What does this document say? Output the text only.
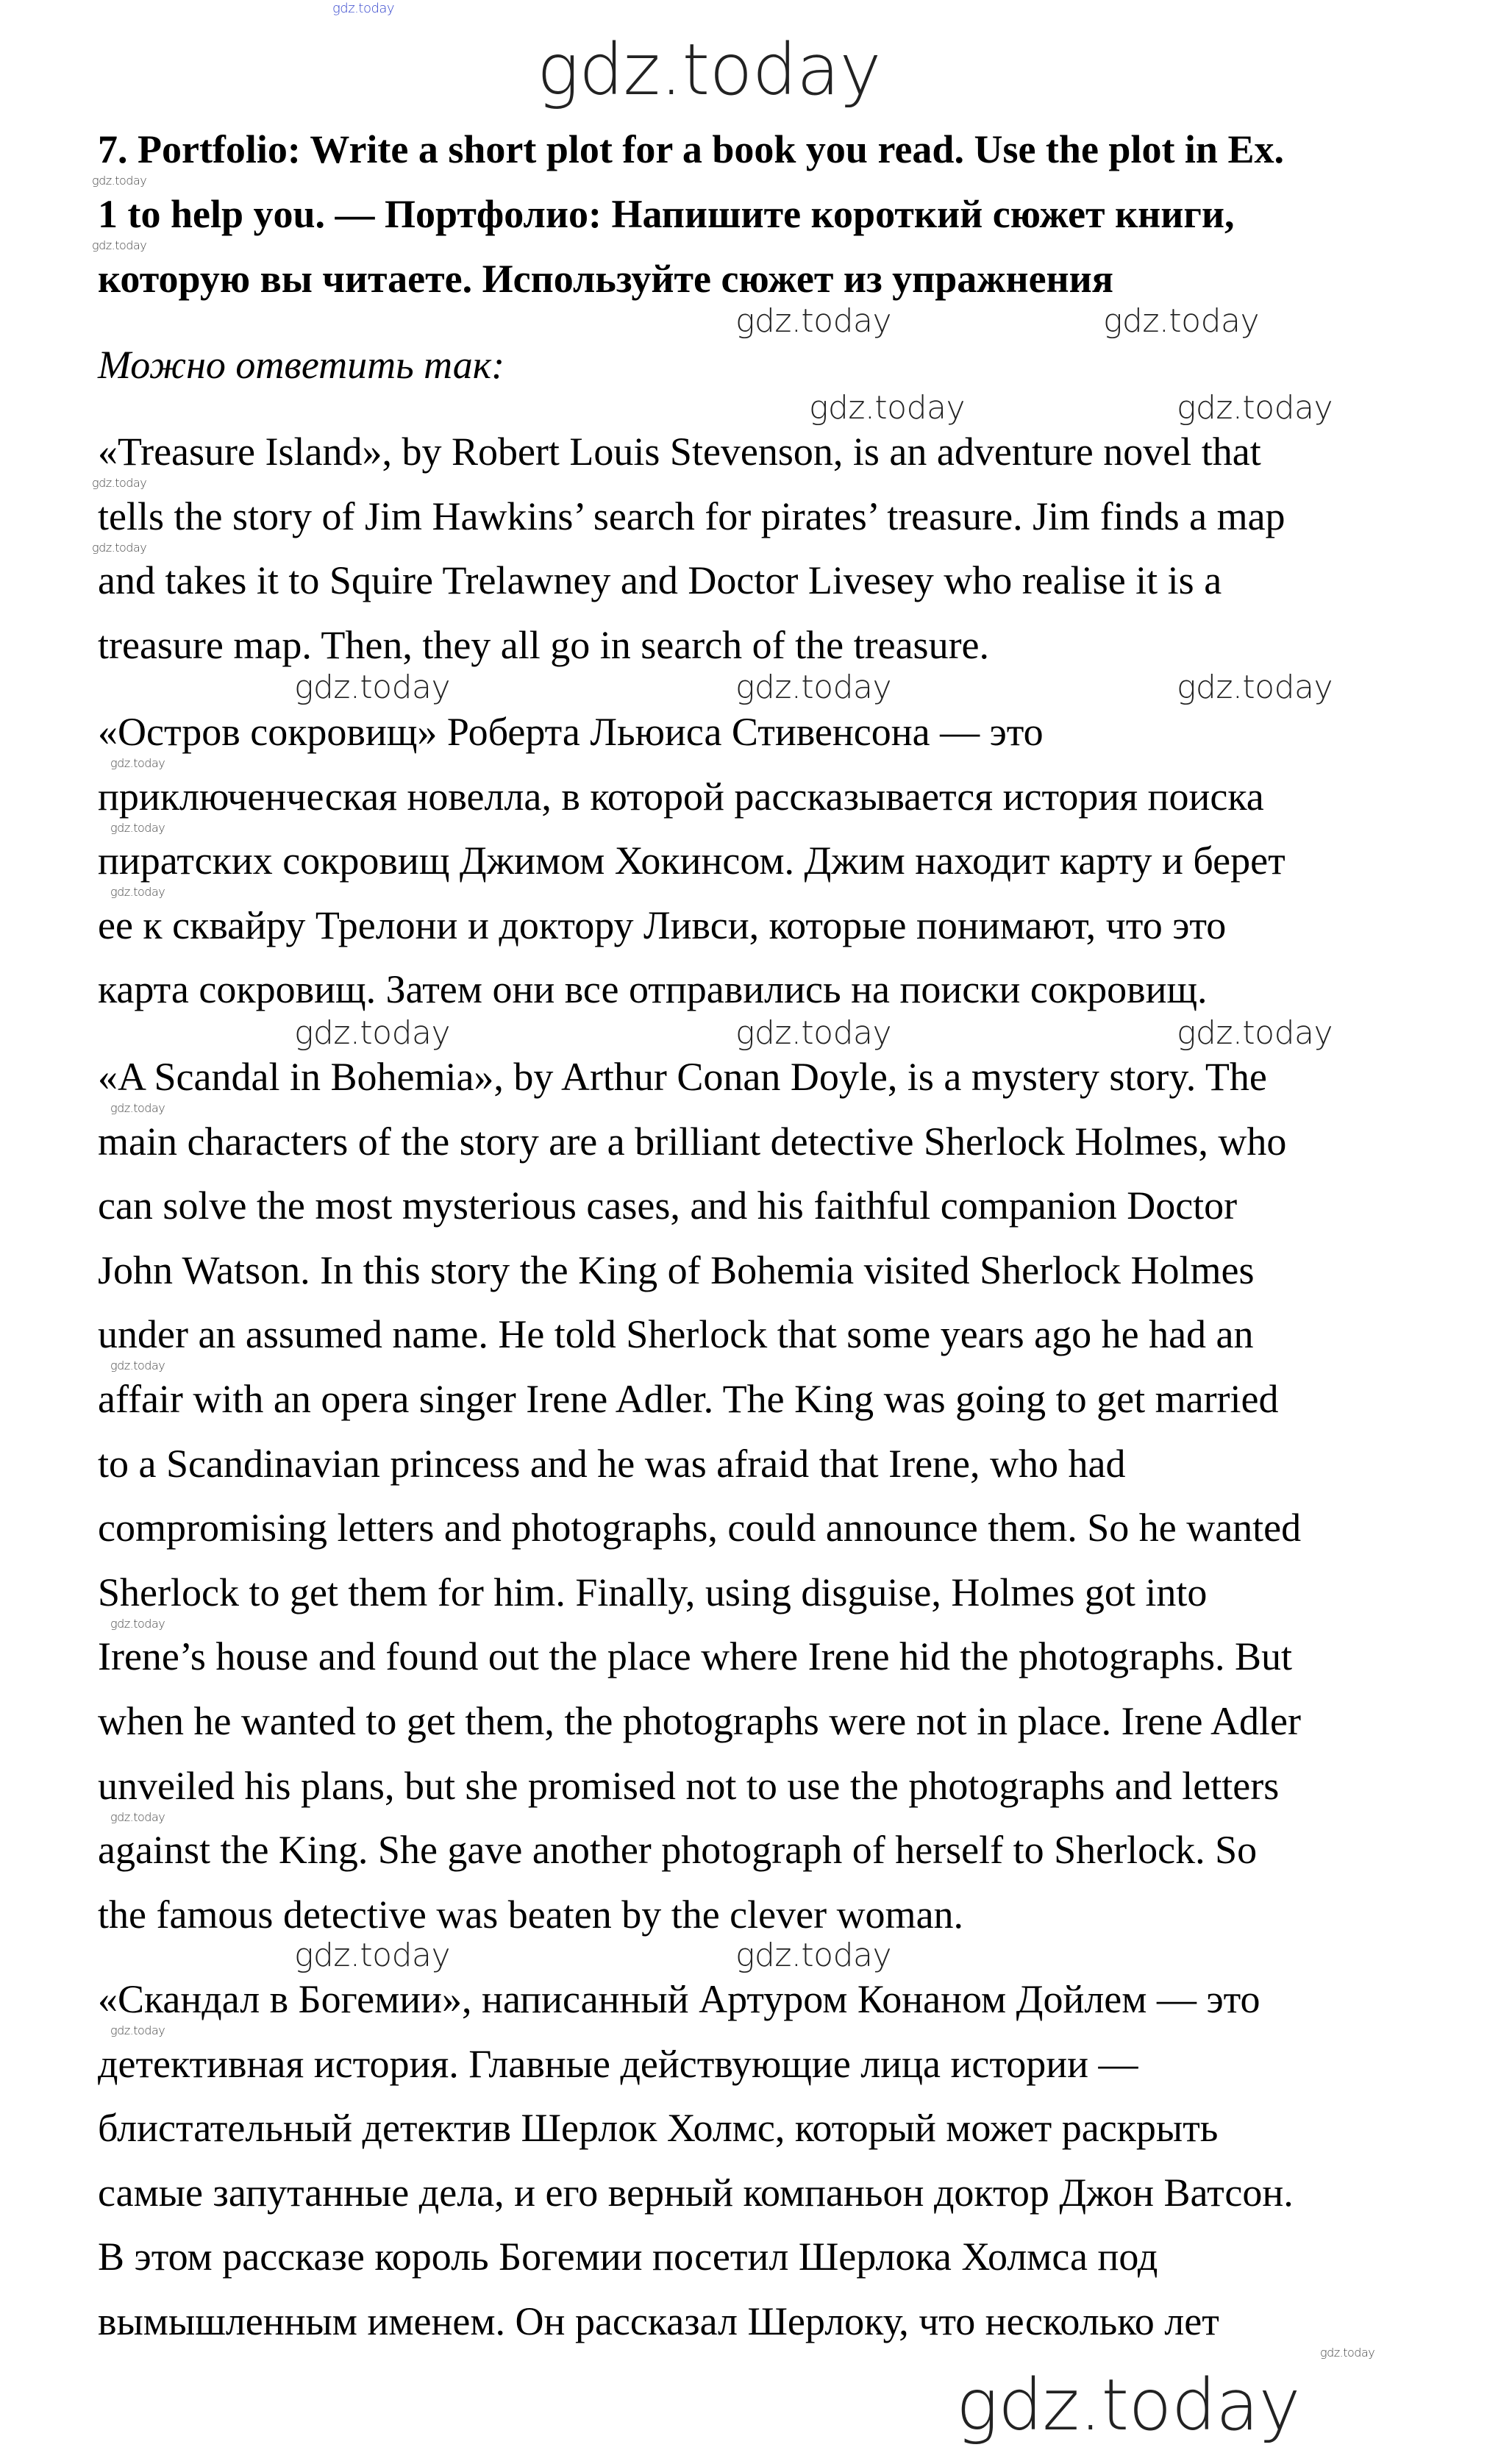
7. Portfolio: Write a short plot for a book you read. Use the plot in Ex.
1 to help you. — Портфолио: Напишите короткий сюжет книги,
которую вы читаете. Используйте сюжет из упражнения
Можно ответить так:
«Treasure Island», by Robert Louis Stevenson, is an adventure novel that
tells the story of Jim Hawkins’ search for pirates’ treasure. Jim finds a map
and takes it to Squire Trelawney and Doctor Livesey who realise it is a
treasure map. Then, they all go in search of the treasure.
«Остров сокровищ» Роберта Льюиса Стивенсона — это
приключенческая новелла, в которой рассказывается история поиска
пиратских сокровищ Джимом Хокинсом. Джим находит карту и берет
ее к сквайру Трелони и доктору Ливси, которые понимают, что это
карта сокровищ. Затем они все отправились на поиски сокровищ.
«A Scandal in Bohemia», by Arthur Conan Doyle, is a mystery story. The
main characters of the story are a brilliant detective Sherlock Holmes, who
can solve the most mysterious cases, and his faithful companion Doctor
John Watson. In this story the King of Bohemia visited Sherlock Holmes
under an assumed name. He told Sherlock that some years ago he had an
affair with an opera singer Irene Adler. The King was going to get married
to a Scandinavian princess and he was afraid that Irene, who had
compromising letters and photographs, could announce them. So he wanted
Sherlock to get them for him. Finally, using disguise, Holmes got into
Irene’s house and found out the place where Irene hid the photographs. But
when he wanted to get them, the photographs were not in place. Irene Adler
unveiled his plans, but she promised not to use the photographs and letters
against the King. She gave another photograph of herself to Sherlock. So
the famous detective was beaten by the clever woman.
«Скандал в Богемии», написанный Артуром Конаном Дойлем — это
детективная история. Главные действующие лица истории —
блистательный детектив Шерлок Холмс, который может раскрыть
самые запутанные дела, и его верный компаньон доктор Джон Ватсон.
В этом рассказе король Богемии посетил Шерлока Холмса под
вымышленным именем. Он рассказал Шерлоку, что несколько лет
gdz.today
gdz.today
gdz.today
gdz.today
gdz.today
gdz.today
gdz.today
gdz.today
gdz.today
gdz.today
gdz.today
gdz.today
gdz.today
gdz.today
gdz.today
gdz.today	gdz.today
gdz.today	gdz.today
gdz.today	gdz.today	gdz.today
gdz.today	gdz.today	gdz.today
gdz.today	gdz.today
gdz.today
